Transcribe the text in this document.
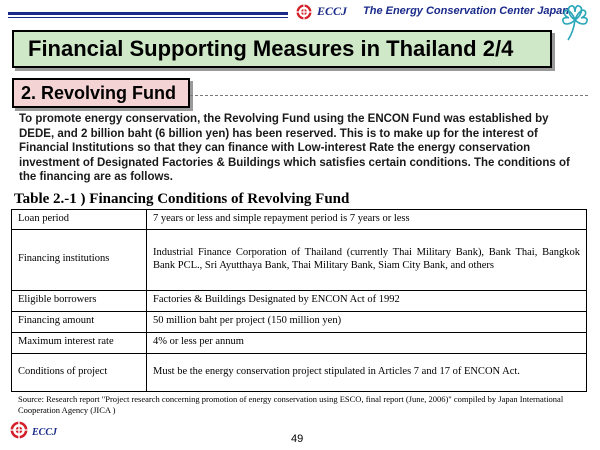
ECCJ The Energy Conservation Center Japan
Financial Supporting Measures in Thailand 2/4
2. Revolving Fund
To promote energy conservation, the Revolving Fund using the ENCON Fund was established by DEDE, and 2 billion baht (6 billion yen) has been reserved. This is to make up for the interest of Financial Institutions so that they can finance with Low-interest Rate the energy conservation investment of Designated Factories & Buildings which satisfies certain conditions. The conditions of the financing are as follows.
Table 2.-1 ) Financing Conditions of Revolving Fund
Loan period	7 years or less and simple repayment period is 7 years or less
Financing institutions	Industrial Finance Corporation of Thailand (currently Thai Military Bank), Bank Thai, Bangkok Bank PCL., Sri Ayutthaya Bank, Thai Military Bank, Siam City Bank, and others
Eligible borrowers	Factories & Buildings Designated by ENCON Act of 1992
Financing amount	50 million baht per project (150 million yen)
Maximum interest rate	4% or less per annum
Conditions of project	Must be the energy conservation project stipulated in Articles 7 and 17 of ENCON Act.
Source: Research report "Project research concerning promotion of energy conservation using ESCO, final report (June, 2006)" compiled by Japan International Cooperation Agency (JICA )
ECCJ
49
